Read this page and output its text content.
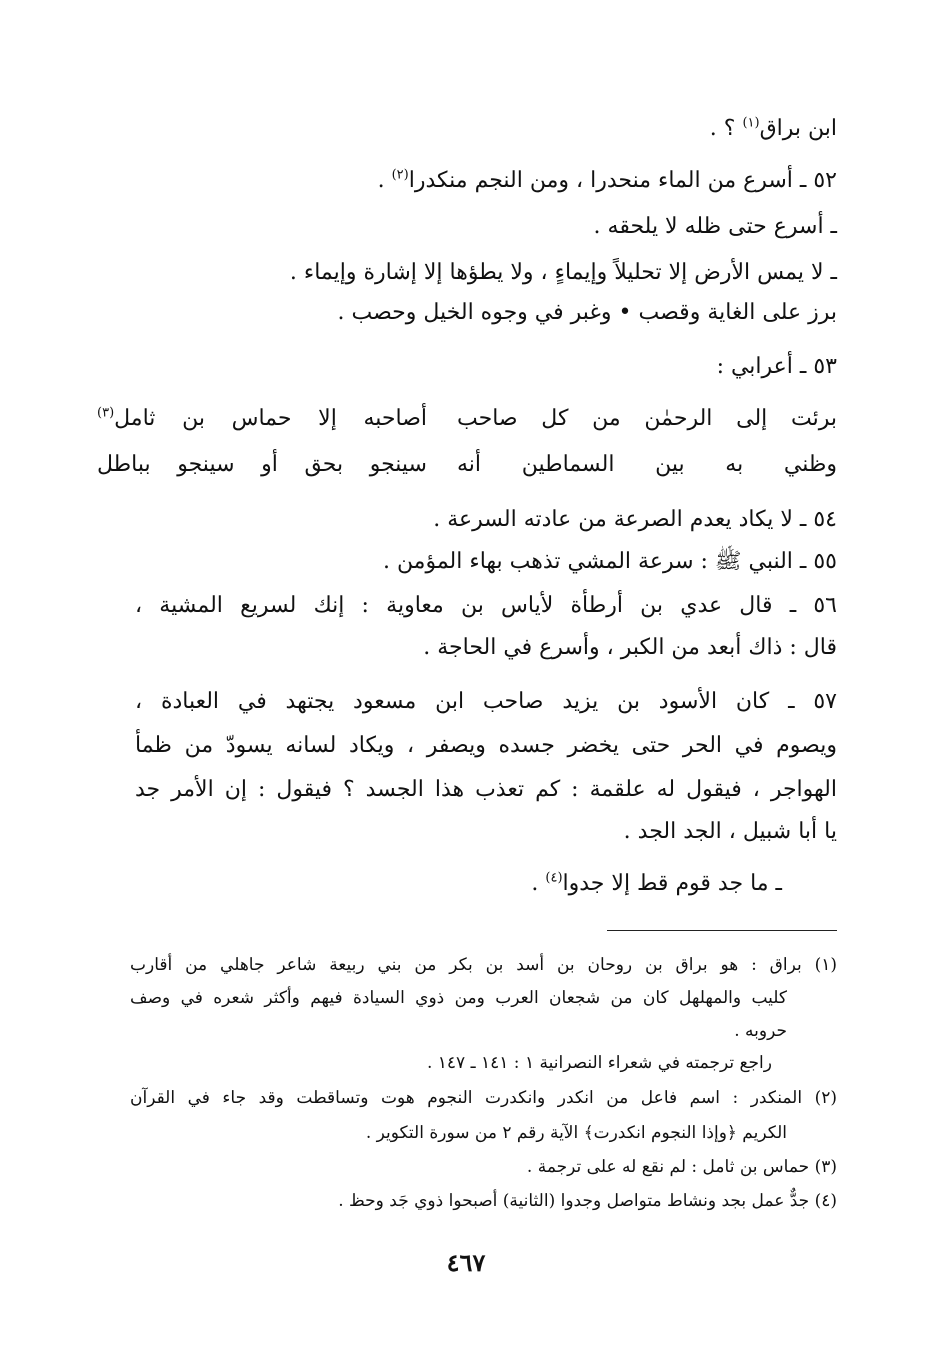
ابن براق$^{(١)}$ ؟ .
٥٢ ـ أسرع من الماء منحدرا ، ومن النجم منكدرا$^{(٢)}$ .
ـ أسرع حتى ظله لا يلحقه .
ـ لا يمس الأرض إلا تحليلاً وإيماءٍ ، ولا يطؤها إلا إشارة وإيماء .
برز على الغاية وقصب • وغبر في وجوه الخيل وحصب .
٥٣ ـ أعرابي :
برئت إلى الرحمٰن من كل صاحب
أصاحبه إلا حماس بن ثامل$^{(٣)}$
وظني به بين السماطين أنه
سينجو بحق أو سينجو بباطل
٥٤ ـ لا يكاد يعدم الصرعة من عادته السرعة .
٥٥ ـ النبي ﷺ : سرعة المشي تذهب بهاء المؤمن .
٥٦ ـ قال عدي بن أرطأة لأياس بن معاوية : إنك لسريع المشية ،
قال : ذاك أبعد من الكبر ، وأسرع في الحاجة .
٥٧ ـ كان الأسود بن يزيد صاحب ابن مسعود يجتهد في العبادة ،
ويصوم في الحر حتى يخضر جسده ويصفر ، ويكاد لسانه يسودّ من ظمأ
الهواجر ، فيقول له علقمة : كم تعذب هذا الجسد ؟ فيقول : إن الأمر جد
يا أبا شبيل ، الجد الجد .
ـ ما جد قوم قط إلا جدوا$^{(٤)}$ .
(١) براق : هو براق بن روحان بن أسد بن بكر من بني ربيعة شاعر جاهلي من أقارب
كليب والمهلهل كان من شجعان العرب ومن ذوي السيادة فيهم وأكثر شعره في وصف
حروبه .
راجع ترجمته في شعراء النصرانية ١ : ١٤١ ـ ١٤٧ .
(٢) المنكدر : اسم فاعل من انكدر وانكدرت النجوم هوت وتساقطت وقد جاء في القرآن
الكريم ﴿وإذا النجوم انكدرت﴾ الآية رقم ٢ من سورة التكوير .
(٣) حماس بن ثامل : لم نقع له على ترجمة .
(٤) جدٌّ عمل بجد ونشاط متواصل وجدوا (الثانية) أصبحوا ذوي جَد وحظ .
٤٦٧
